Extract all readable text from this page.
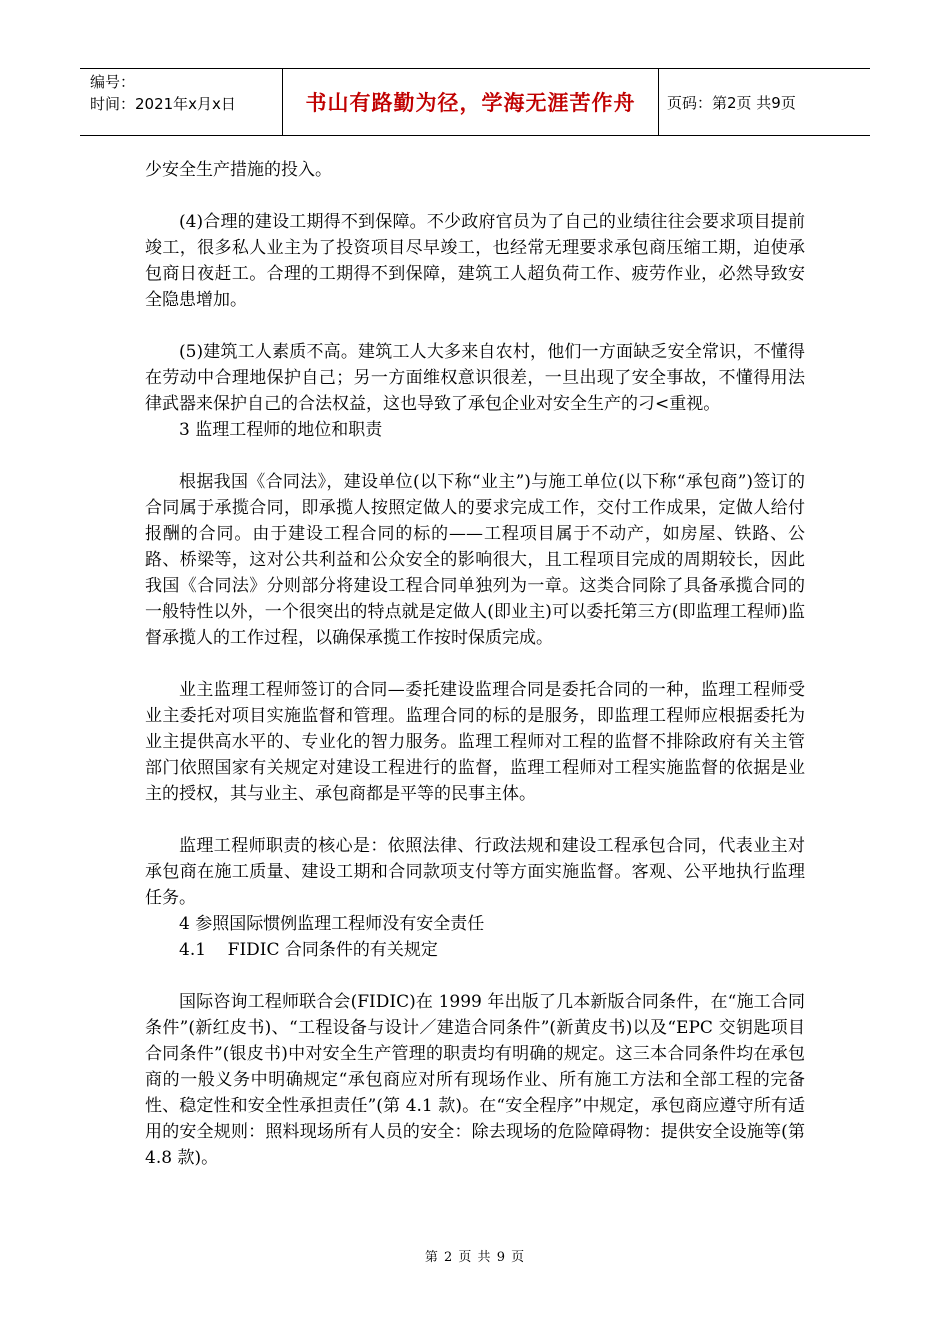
编号：
时间：2021年x月x日	书山有路勤为径，学海无涯苦作舟	页码：第2页 共9页

少安全生产措施的投入。

(4)合理的建设工期得不到保障。不少政府官员为了自己的业绩往往会要求项目提前竣工，很多私人业主为了投资项目尽早竣工，也经常无理要求承包商压缩工期，迫使承包商日夜赶工。合理的工期得不到保障，建筑工人超负荷工作、疲劳作业，必然导致安全隐患增加。

(5)建筑工人素质不高。建筑工人大多来自农村，他们一方面缺乏安全常识，不懂得在劳动中合理地保护自己；另一方面维权意识很差，一旦出现了安全事故，不懂得用法律武器来保护自己的合法权益，这也导致了承包企业对安全生产的刁<重视。

3 监理工程师的地位和职责

根据我国《合同法》，建设单位(以下称“业主”)与施工单位(以下称“承包商”)签订的合同属于承揽合同，即承揽人按照定做人的要求完成工作，交付工作成果，定做人给付报酬的合同。由于建设工程合同的标的——工程项目属于不动产，如房屋、铁路、公路、桥梁等，这对公共利益和公众安全的影响很大，且工程项目完成的周期较长，因此我国《合同法》分则部分将建设工程合同单独列为一章。这类合同除了具备承揽合同的一般特性以外，一个很突出的特点就是定做人(即业主)可以委托第三方(即监理工程师)监督承揽人的工作过程，以确保承揽工作按时保质完成。

业主监理工程师签订的合同—委托建设监理合同是委托合同的一种，监理工程师受业主委托对项目实施监督和管理。监理合同的标的是服务，即监理工程师应根据委托为业主提供高水平的、专业化的智力服务。监理工程师对工程的监督不排除政府有关主管部门依照国家有关规定对建设工程进行的监督，监理工程师对工程实施监督的依据是业主的授权，其与业主、承包商都是平等的民事主体。

监理工程师职责的核心是：依照法律、行政法规和建设工程承包合同，代表业主对承包商在施工质量、建设工期和合同款项支付等方面实施监督。客观、公平地执行监理任务。

4 参照国际惯例监理工程师没有安全责任

4.1    FIDIC 合同条件的有关规定

国际咨询工程师联合会(FIDIC)在 1999 年出版了几本新版合同条件，在“施工合同条件”(新红皮书)、“工程设备与设计／建造合同条件”(新黄皮书)以及“EPC 交钥匙项目合同条件”(银皮书)中对安全生产管理的职责均有明确的规定。这三本合同条件均在承包商的一般义务中明确规定“承包商应对所有现场作业、所有施工方法和全部工程的完备性、稳定性和安全性承担责任”(第 4.1 款)。在“安全程序”中规定，承包商应遵守所有适用的安全规则：照料现场所有人员的安全：除去现场的危险障碍物：提供安全设施等(第 4.8 款)。

第 2 页 共 9 页
